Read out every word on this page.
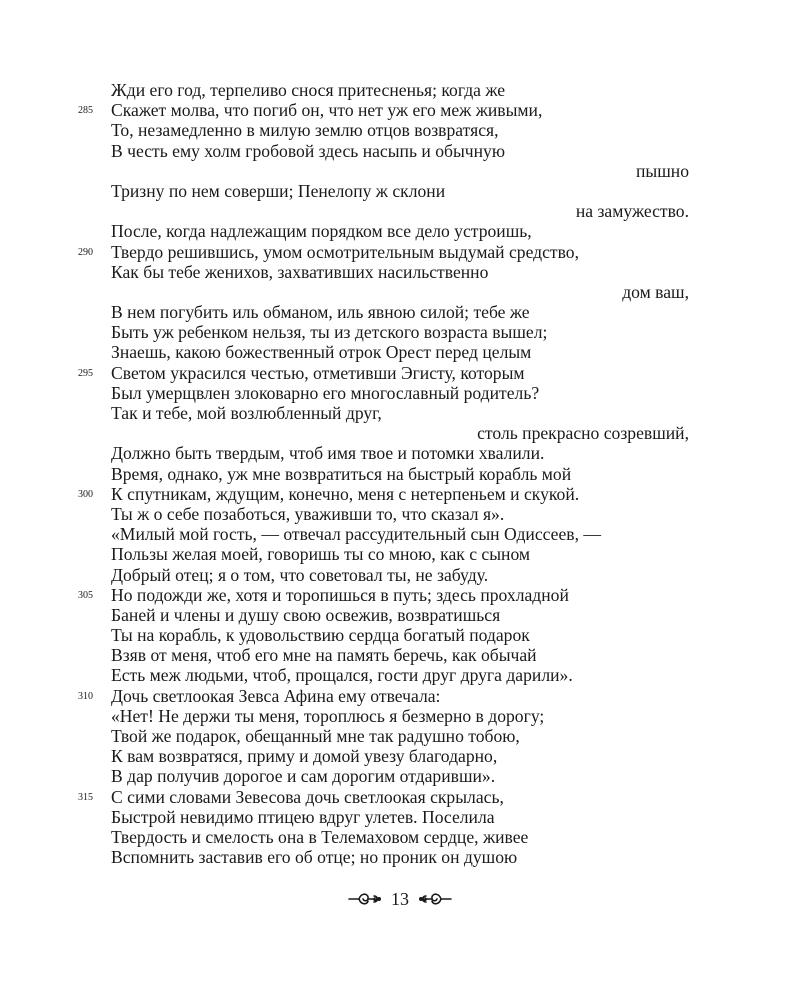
Жди его год, терпеливо снося притесненья; когда же
285 Скажет молва, что погиб он, что нет уж его меж живыми,
То, незамедленно в милую землю отцов возвратяся,
В честь ему холм гробовой здесь насыпь и обычную
пышно
Тризну по нем соверши; Пенелопу ж склони
на замужество.
После, когда надлежащим порядком все дело устроишь,
290 Твердо решившись, умом осмотрительным выдумай средство,
Как бы тебе женихов, захвативших насильственно
дом ваш,
В нем погубить иль обманом, иль явною силой; тебе же
Быть уж ребенком нельзя, ты из детского возраста вышел;
Знаешь, какою божественный отрок Орест перед целым
295 Светом украсился честью, отметивши Эгисту, которым
Был умерщвлен злоковарно его многославный родитель?
Так и тебе, мой возлюбленный друг,
столь прекрасно созревший,
Должно быть твердым, чтоб имя твое и потомки хвалили.
Время, однако, уж мне возвратиться на быстрый корабль мой
300 К спутникам, ждущим, конечно, меня с нетерпеньем и скукой.
Ты ж о себе позаботься, уваживши то, что сказал я».
«Милый мой гость, — отвечал рассудительный сын Одиссеев, —
Пользы желая моей, говоришь ты со мною, как с сыном
Добрый отец; я о том, что советовал ты, не забуду.
305 Но подожди же, хотя и торопишься в путь; здесь прохладной
Баней и члены и душу свою освежив, возвратишься
Ты на корабль, к удовольствию сердца богатый подарок
Взяв от меня, чтоб его мне на память беречь, как обычай
Есть меж людьми, чтоб, прощался, гости друг друга дарили».
310 Дочь светлоокая Зевса Афина ему отвечала:
«Нет! Не держи ты меня, тороплюсь я безмерно в дорогу;
Твой же подарок, обещанный мне так радушно тобою,
К вам возвратяся, приму и домой увезу благодарно,
В дар получив дорогое и сам дорогим отдаривши».
315 С сими словами Зевесова дочь светлоокая скрылась,
Быстрой невидимо птицею вдруг улетев. Поселила
Твердость и смелость она в Телемаховом сердце, живее
Вспомнить заставив его об отце; но проник он душою
13
